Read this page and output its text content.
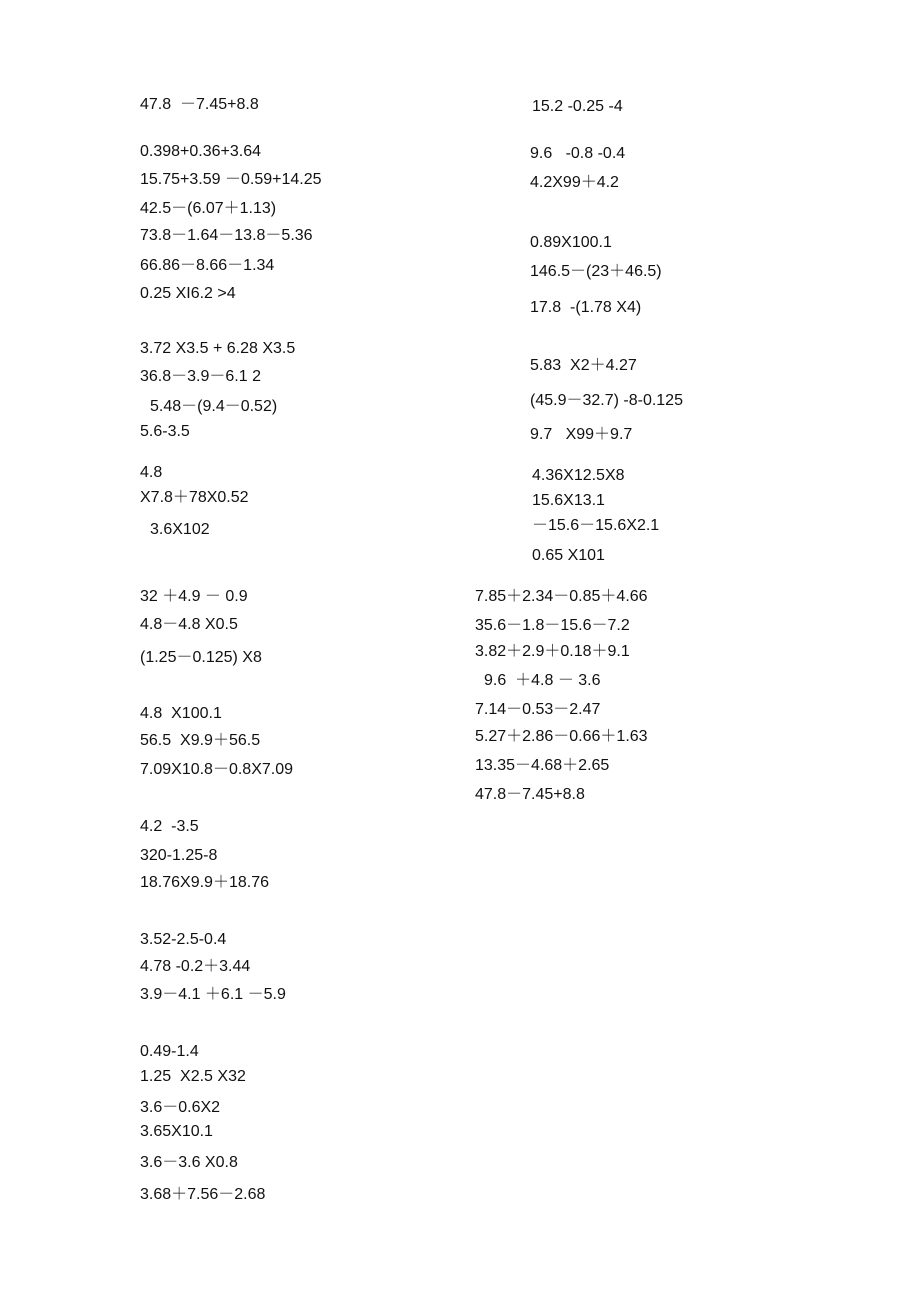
47.8  －7.45+8.8
0.398+0.36+3.64
15.75+3.59 －0.59+14.25
42.5－(6.07＋1.13)
73.8－1.64－13.8－5.36
66.86－8.66－1.34
0.25 XI6.2 >4
3.72 X3.5 + 6.28 X3.5
36.8－3.9－6.1 2
5.48－(9.4－0.52)
5.6-3.5
4.8
X7.8＋78X0.52
3.6X102
32 ＋4.9 － 0.9
4.8－4.8 X0.5
(1.25－0.125) X8
4.8  X100.1
56.5  X9.9＋56.5
7.09X10.8－0.8X7.09
4.2  -3.5
320-1.25-8
18.76X9.9＋18.76
3.52-2.5-0.4
4.78 -0.2＋3.44
3.9－4.1 ＋6.1 －5.9
0.49-1.4
1.25  X2.5 X32
3.6－0.6X2
3.65X10.1
3.6－3.6 X0.8
3.68＋7.56－2.68
15.2 -0.25 -4
9.6   -0.8 -0.4
4.2X99＋4.2
0.89X100.1
146.5－(23＋46.5)
17.8  -(1.78 X4)
5.83  X2＋4.27
(45.9－32.7) -8-0.125
9.7   X99＋9.7
4.36X12.5X8
15.6X13.1
－15.6－15.6X2.1
0.65 X101
7.85＋2.34－0.85＋4.66
35.6－1.8－15.6－7.2
3.82＋2.9＋0.18＋9.1
9.6  ＋4.8 － 3.6
7.14－0.53－2.47
5.27＋2.86－0.66＋1.63
13.35－4.68＋2.65
47.8－7.45+8.8
